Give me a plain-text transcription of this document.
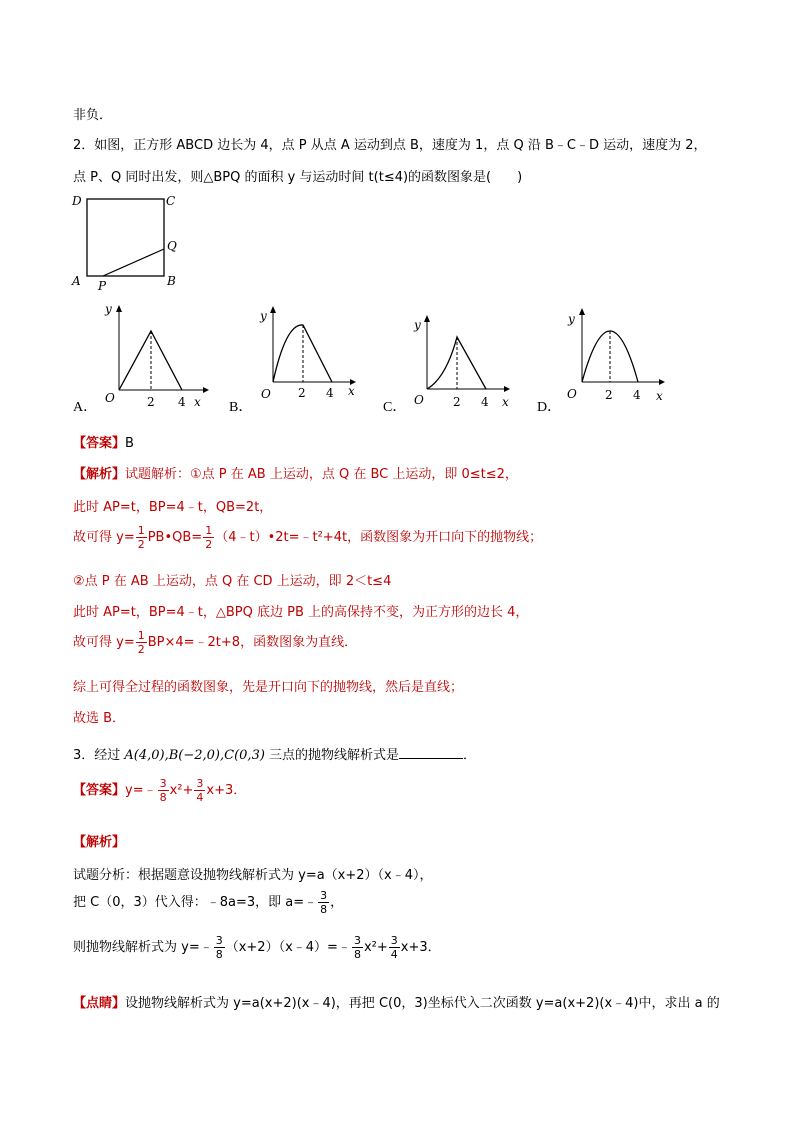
非负．
2．如图，正方形 ABCD 边长为 4，点 P 从点 A 运动到点 B，速度为 1，点 Q 沿 B﹣C﹣D 运动，速度为 2，
点 P、Q 同时出发，则△BPQ 的面积 y 与运动时间 t(t≤4)的函数图象是(　　)
D	C
Q
A P	B
A．
y
x
O	2 4	B．
y
x
O 2 4
C．
y
x
O 2 4	D．
y
x
O 2 4
【答案】B
【解析】试题解析：①点 P 在 AB 上运动，点 Q 在 BC 上运动，即 0≤t≤2，
此时 AP=t，BP=4﹣t，QB=2t，
故可得 $y= \frac{1}{2}$ PB•QB= $\frac{1}{2}$ （4﹣t）•2t=﹣t²+4t，函数图象为开口向下的抛物线；
②点 P 在 AB 上运动，点 Q 在 CD 上运动，即 2＜t≤4
此时 AP=t，BP=4﹣t，△BPQ 底边 PB 上的高保持不变，为正方形的边长 4，
故可得 $y= \frac{1}{2}$ BP×4=﹣2t+8，函数图象为直线．
综上可得全过程的函数图象，先是开口向下的抛物线，然后是直线；
故选 B．
3．经过 A(4,0),B(−2,0),C(0,3) 三点的抛物线解析式是	．
【答案】y=﹣ $\frac{3}{8} x^2+ \frac{3}{4} x+3$．
【解析】
试题分析：根据题意设抛物线解析式为 y=a（x+2）（x﹣4），
把 C（0，3）代入得：﹣8a=3，即 a=﹣ $\frac{3}{8}$ ，
则抛物线解析式为 y=﹣ $\frac{3}{8}$ （x+2）（x﹣4）=﹣ $\frac{3}{8} x^2+ \frac{3}{4} x+3$．
【点睛】设抛物线解析式为 y=a(x+2)(x﹣4)，再把 C(0，3)坐标代入二次函数 y=a(x+2)(x﹣4)中，求出 a 的
